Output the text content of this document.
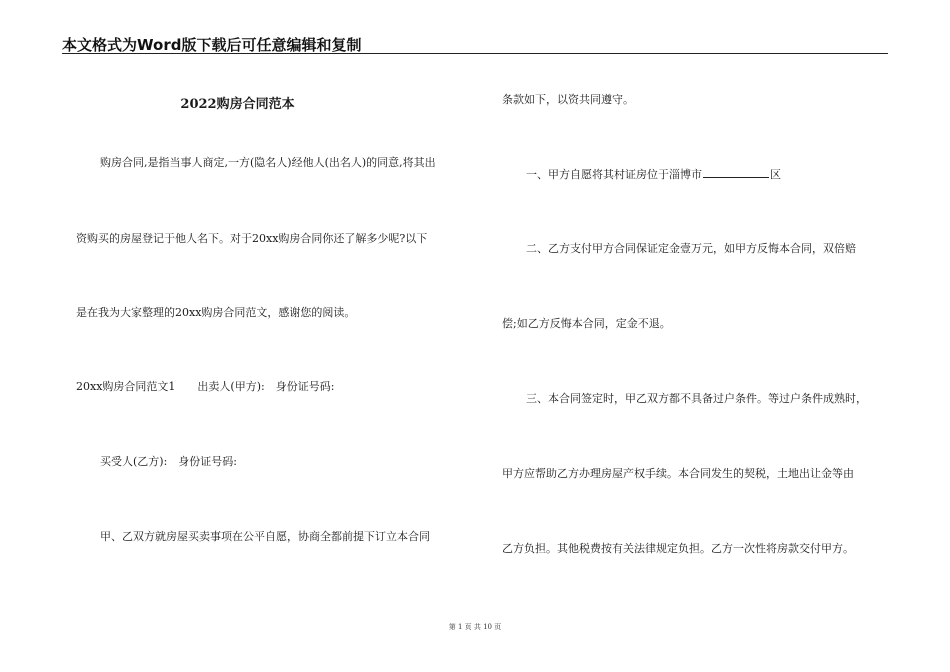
本文格式为Word版下载后可任意编辑和复制
2022购房合同范本
购房合同,是指当事人商定,一方(隐名人)经他人(出名人)的同意,将其出
资购买的房屋登记于他人名下。对于20xx购房合同你还了解多少呢?以下
是在我为大家整理的20xx购房合同范文，感谢您的阅读。
20xx购房合同范文1　　出卖人(甲方):　身份证号码:
买受人(乙方):　身份证号码:
甲、乙双方就房屋买卖事项在公平自愿，协商全都前提下订立本合同
条款如下，以资共同遵守。
一、甲方自愿将其村证房位于淄博市	区
二、乙方支付甲方合同保证定金壹万元，如甲方反悔本合同，双倍赔
偿;如乙方反悔本合同，定金不退。
三、本合同签定时，甲乙双方都不具备过户条件。等过户条件成熟时，
甲方应帮助乙方办理房屋产权手续。本合同发生的契税，土地出让金等由
乙方负担。其他税费按有关法律规定负担。乙方一次性将房款交付甲方。
第 1 页 共 10 页
